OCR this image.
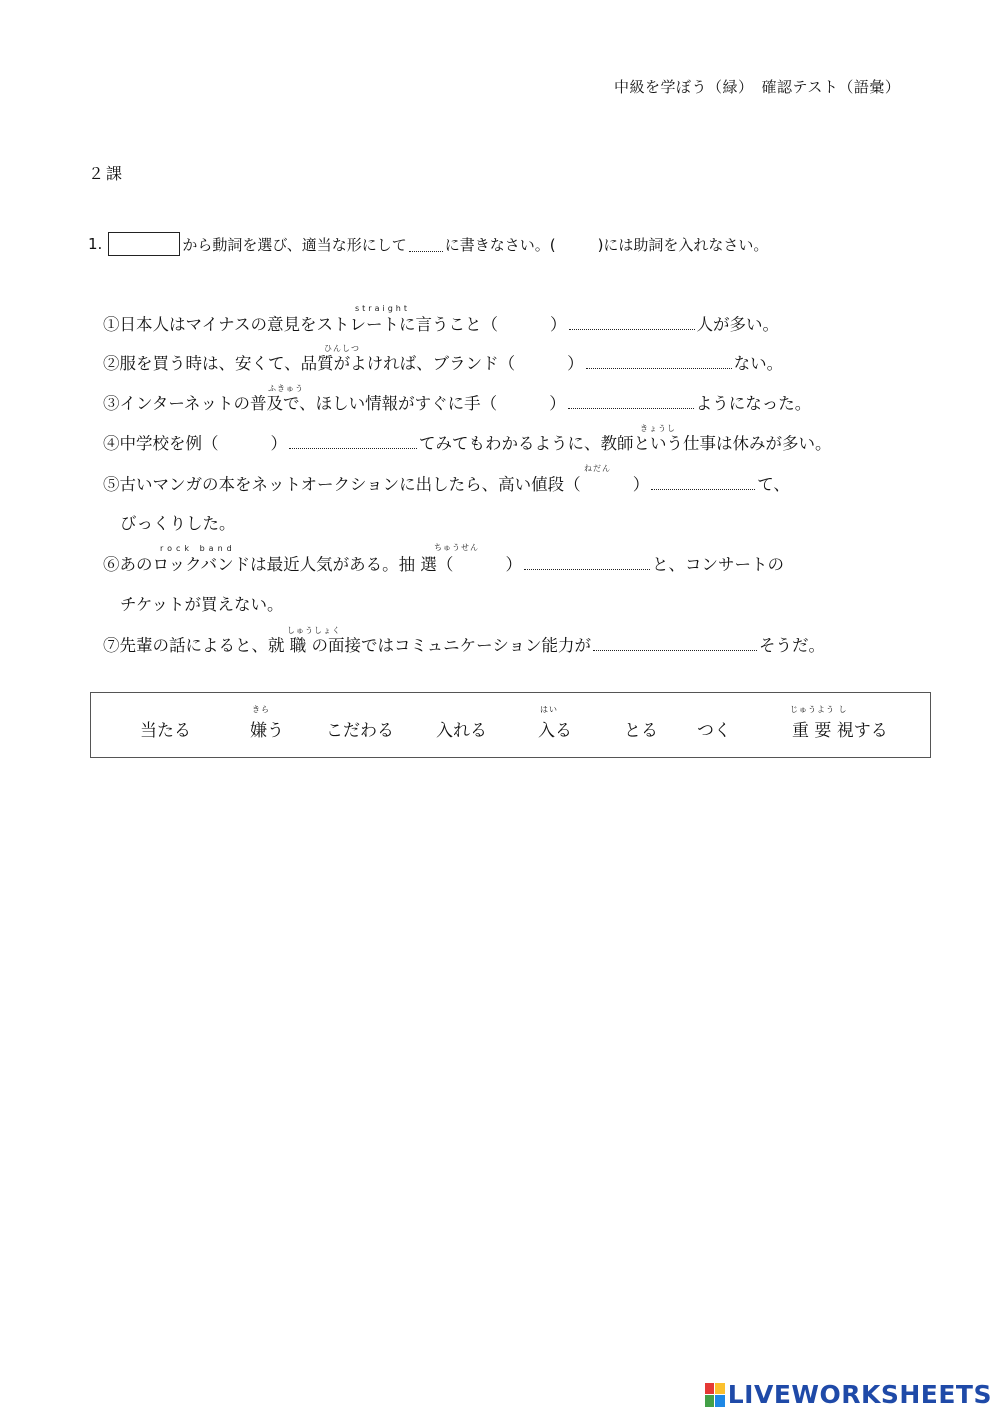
中級を学ぼう（緑）　確認テスト（語彙）
２課
1.	から動詞を選び、適当な形にして	に書きなさい。(	)には助詞を入れなさい。
straight
①日本人はマイナスの意見をストレートに言うこと（	）	人が多い。
ひんしつ
②服を買う時は、安くて、品質がよければ、ブランド（	）	ない。
ふきゅう
③インターネットの普及で、ほしい情報がすぐに手（	）	ようになった。
きょうし
④中学校を例（	）	てみてもわかるように、教師という仕事は休みが多い。
ねだん
⑤古いマンガの本をネットオークションに出したら、高い値段（	）	て、
びっくりした。
rock band	ちゅうせん
⑥あのロックバンドは最近人気がある。抽 選（	）	と、コンサートの
チケットが買えない。
しゅうしょく
⑦先輩の話によると、就 職 の面接ではコミュニケーション能力が	そうだ。
きら	はい	じゅうよう し
当たる	嫌う こだわる 入れる	入る	とる つく	重 要 視する
LIVEWORKSHEETS
